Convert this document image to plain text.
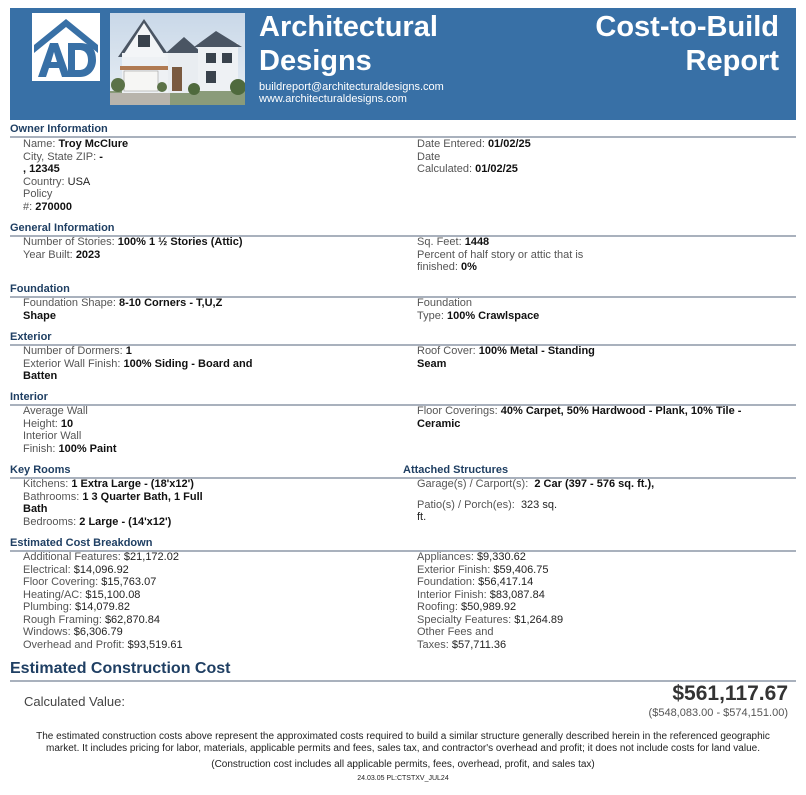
Architectural
Designs
buildreport@architecturaldesigns.com
www.architecturaldesigns.com
Cost-to-Build
Report
Owner Information
Name: Troy McClure
City, State ZIP: -
, 12345
Country: USA
Policy
#: 270000
Date Entered: 01/02/25
Date
Calculated: 01/02/25
General Information
Number of Stories: 100% 1 ½ Stories (Attic)
Year Built: 2023
Sq. Feet: 1448
Percent of half story or attic that is
finished: 0%
Foundation
Foundation Shape: 8-10 Corners - T,U,Z
Shape
Foundation
Type: 100% Crawlspace
Exterior
Number of Dormers: 1
Exterior Wall Finish: 100% Siding - Board and
Batten
Roof Cover: 100% Metal - Standing
Seam
Interior
Average Wall
Height: 10
Interior Wall
Finish: 100% Paint
Floor Coverings: 40% Carpet, 50% Hardwood - Plank, 10% Tile -
Ceramic
Key Rooms	Attached Structures
Kitchens: 1 Extra Large - (18'x12')
Bathrooms: 1 3 Quarter Bath, 1 Full
Bath
Bedrooms: 2 Large - (14'x12')
Garage(s) / Carport(s): 2 Car (397 - 576 sq. ft.),
Patio(s) / Porch(es): 323 sq.
ft.
Estimated Cost Breakdown
Additional Features: $21,172.02
Electrical: $14,096.92
Floor Covering: $15,763.07
Heating/AC: $15,100.08
Plumbing: $14,079.82
Rough Framing: $62,870.84
Windows: $6,306.79
Overhead and Profit: $93,519.61
Appliances: $9,330.62
Exterior Finish: $59,406.75
Foundation: $56,417.14
Interior Finish: $83,087.84
Roofing: $50,989.92
Specialty Features: $1,264.89
Other Fees and
Taxes: $57,711.36
Estimated Construction Cost
Calculated Value:	$561,117.67
($548,083.00 - $574,151.00)
The estimated construction costs above represent the approximated costs required to build a similar structure generally described herein in the referenced geographic
market. It includes pricing for labor, materials, applicable permits and fees, sales tax, and contractor's overhead and profit; it does not include costs for land value.
(Construction cost includes all applicable permits, fees, overhead, profit, and sales tax)
24.03.05 PL:CTSTXV_JUL24
